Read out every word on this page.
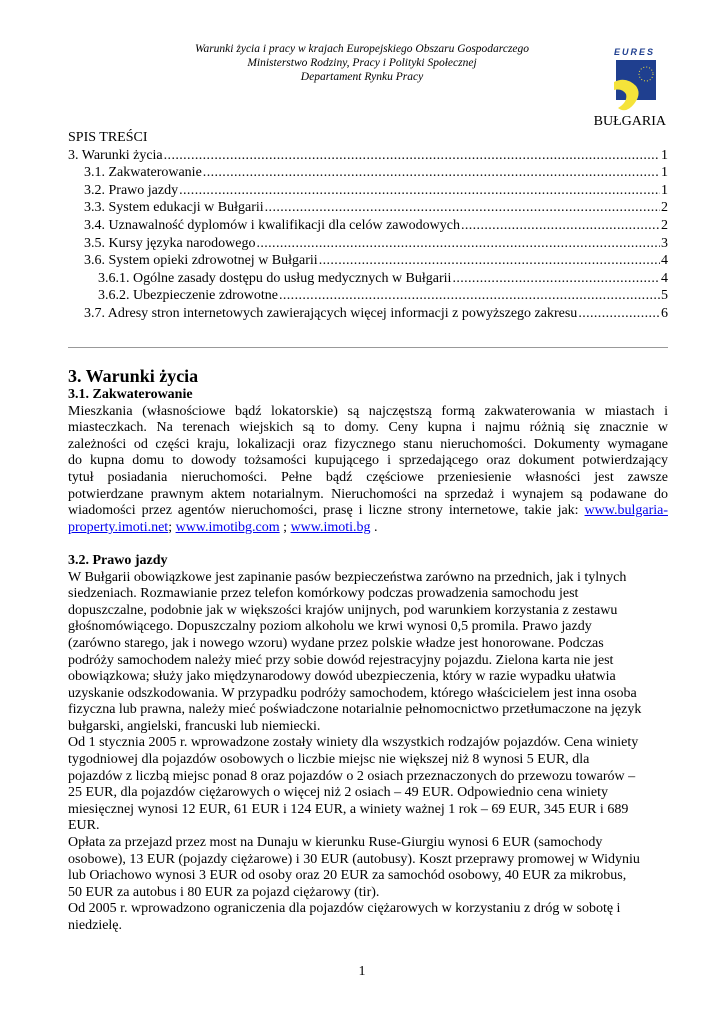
Warunki życia i pracy w krajach Europejskiego Obszaru Gospodarczego
Ministerstwo Rodziny, Pracy i Polityki Społecznej
Departament Rynku Pracy
EURES
BUŁGARIA
SPIS TREŚCI
3. Warunki życia .....	1
3.1. Zakwaterowanie .....	1
3.2. Prawo jazdy .....	1
3.3. System edukacji w Bułgarii .....	2
3.4. Uznawalność dyplomów i kwalifikacji dla celów zawodowych .....	2
3.5. Kursy języka narodowego .....	3
3.6. System opieki zdrowotnej w Bułgarii .....	4
3.6.1. Ogólne zasady dostępu do usług medycznych w Bułgarii .....	4
3.6.2. Ubezpieczenie zdrowotne .....	5
3.7. Adresy stron internetowych zawierających więcej informacji z powyższego zakresu .....	6
3. Warunki życia
3.1. Zakwaterowanie
Mieszkania (własnościowe bądź lokatorskie) są najczęstszą formą zakwaterowania w miastach i
miasteczkach. Na terenach wiejskich są to domy. Ceny kupna i najmu różnią się znacznie w
zależności od części kraju, lokalizacji oraz fizycznego stanu nieruchomości. Dokumenty wymagane
do kupna domu to dowody tożsamości kupującego i sprzedającego oraz dokument potwierdzający
tytuł posiadania nieruchomości. Pełne bądź częściowe przeniesienie własności jest zawsze
potwierdzane prawnym aktem notarialnym. Nieruchomości na sprzedaż i wynajem są podawane do
wiadomości przez agentów nieruchomości, prasę i liczne strony internetowe, takie jak: www.bulgaria-
property.imoti.net; www.imotibg.com ; www.imoti.bg .
3.2. Prawo jazdy
W Bułgarii obowiązkowe jest zapinanie pasów bezpieczeństwa zarówno na przednich, jak i tylnych
siedzeniach. Rozmawianie przez telefon komórkowy podczas prowadzenia samochodu jest
dopuszczalne, podobnie jak w większości krajów unijnych, pod warunkiem korzystania z zestawu
głośnomówiącego. Dopuszczalny poziom alkoholu we krwi wynosi 0,5 promila. Prawo jazdy
(zarówno starego, jak i nowego wzoru) wydane przez polskie władze jest honorowane. Podczas
podróży samochodem należy mieć przy sobie dowód rejestracyjny pojazdu. Zielona karta nie jest
obowiązkowa; służy jako międzynarodowy dowód ubezpieczenia, który w razie wypadku ułatwia
uzyskanie odszkodowania. W przypadku podróży samochodem, którego właścicielem jest inna osoba
fizyczna lub prawna, należy mieć poświadczone notarialnie pełnomocnictwo przetłumaczone na język
bułgarski, angielski, francuski lub niemiecki.
Od 1 stycznia 2005 r. wprowadzone zostały winiety dla wszystkich rodzajów pojazdów. Cena winiety
tygodniowej dla pojazdów osobowych o liczbie miejsc nie większej niż 8 wynosi 5 EUR, dla
pojazdów z liczbą miejsc ponad 8 oraz pojazdów o 2 osiach przeznaczonych do przewozu towarów –
25 EUR, dla pojazdów ciężarowych o więcej niż 2 osiach – 49 EUR. Odpowiednio cena winiety
miesięcznej wynosi 12 EUR, 61 EUR i 124 EUR, a winiety ważnej 1 rok – 69 EUR, 345 EUR i 689
EUR.
Opłata za przejazd przez most na Dunaju w kierunku Ruse-Giurgiu wynosi 6 EUR (samochody
osobowe), 13 EUR (pojazdy ciężarowe) i 30 EUR (autobusy). Koszt przeprawy promowej w Widyniu
lub Oriachowo wynosi 3 EUR od osoby oraz 20 EUR za samochód osobowy, 40 EUR za mikrobus,
50 EUR za autobus i 80 EUR za pojazd ciężarowy (tir).
Od 2005 r. wprowadzono ograniczenia dla pojazdów ciężarowych w korzystaniu z dróg w sobotę i
niedzielę.
1
